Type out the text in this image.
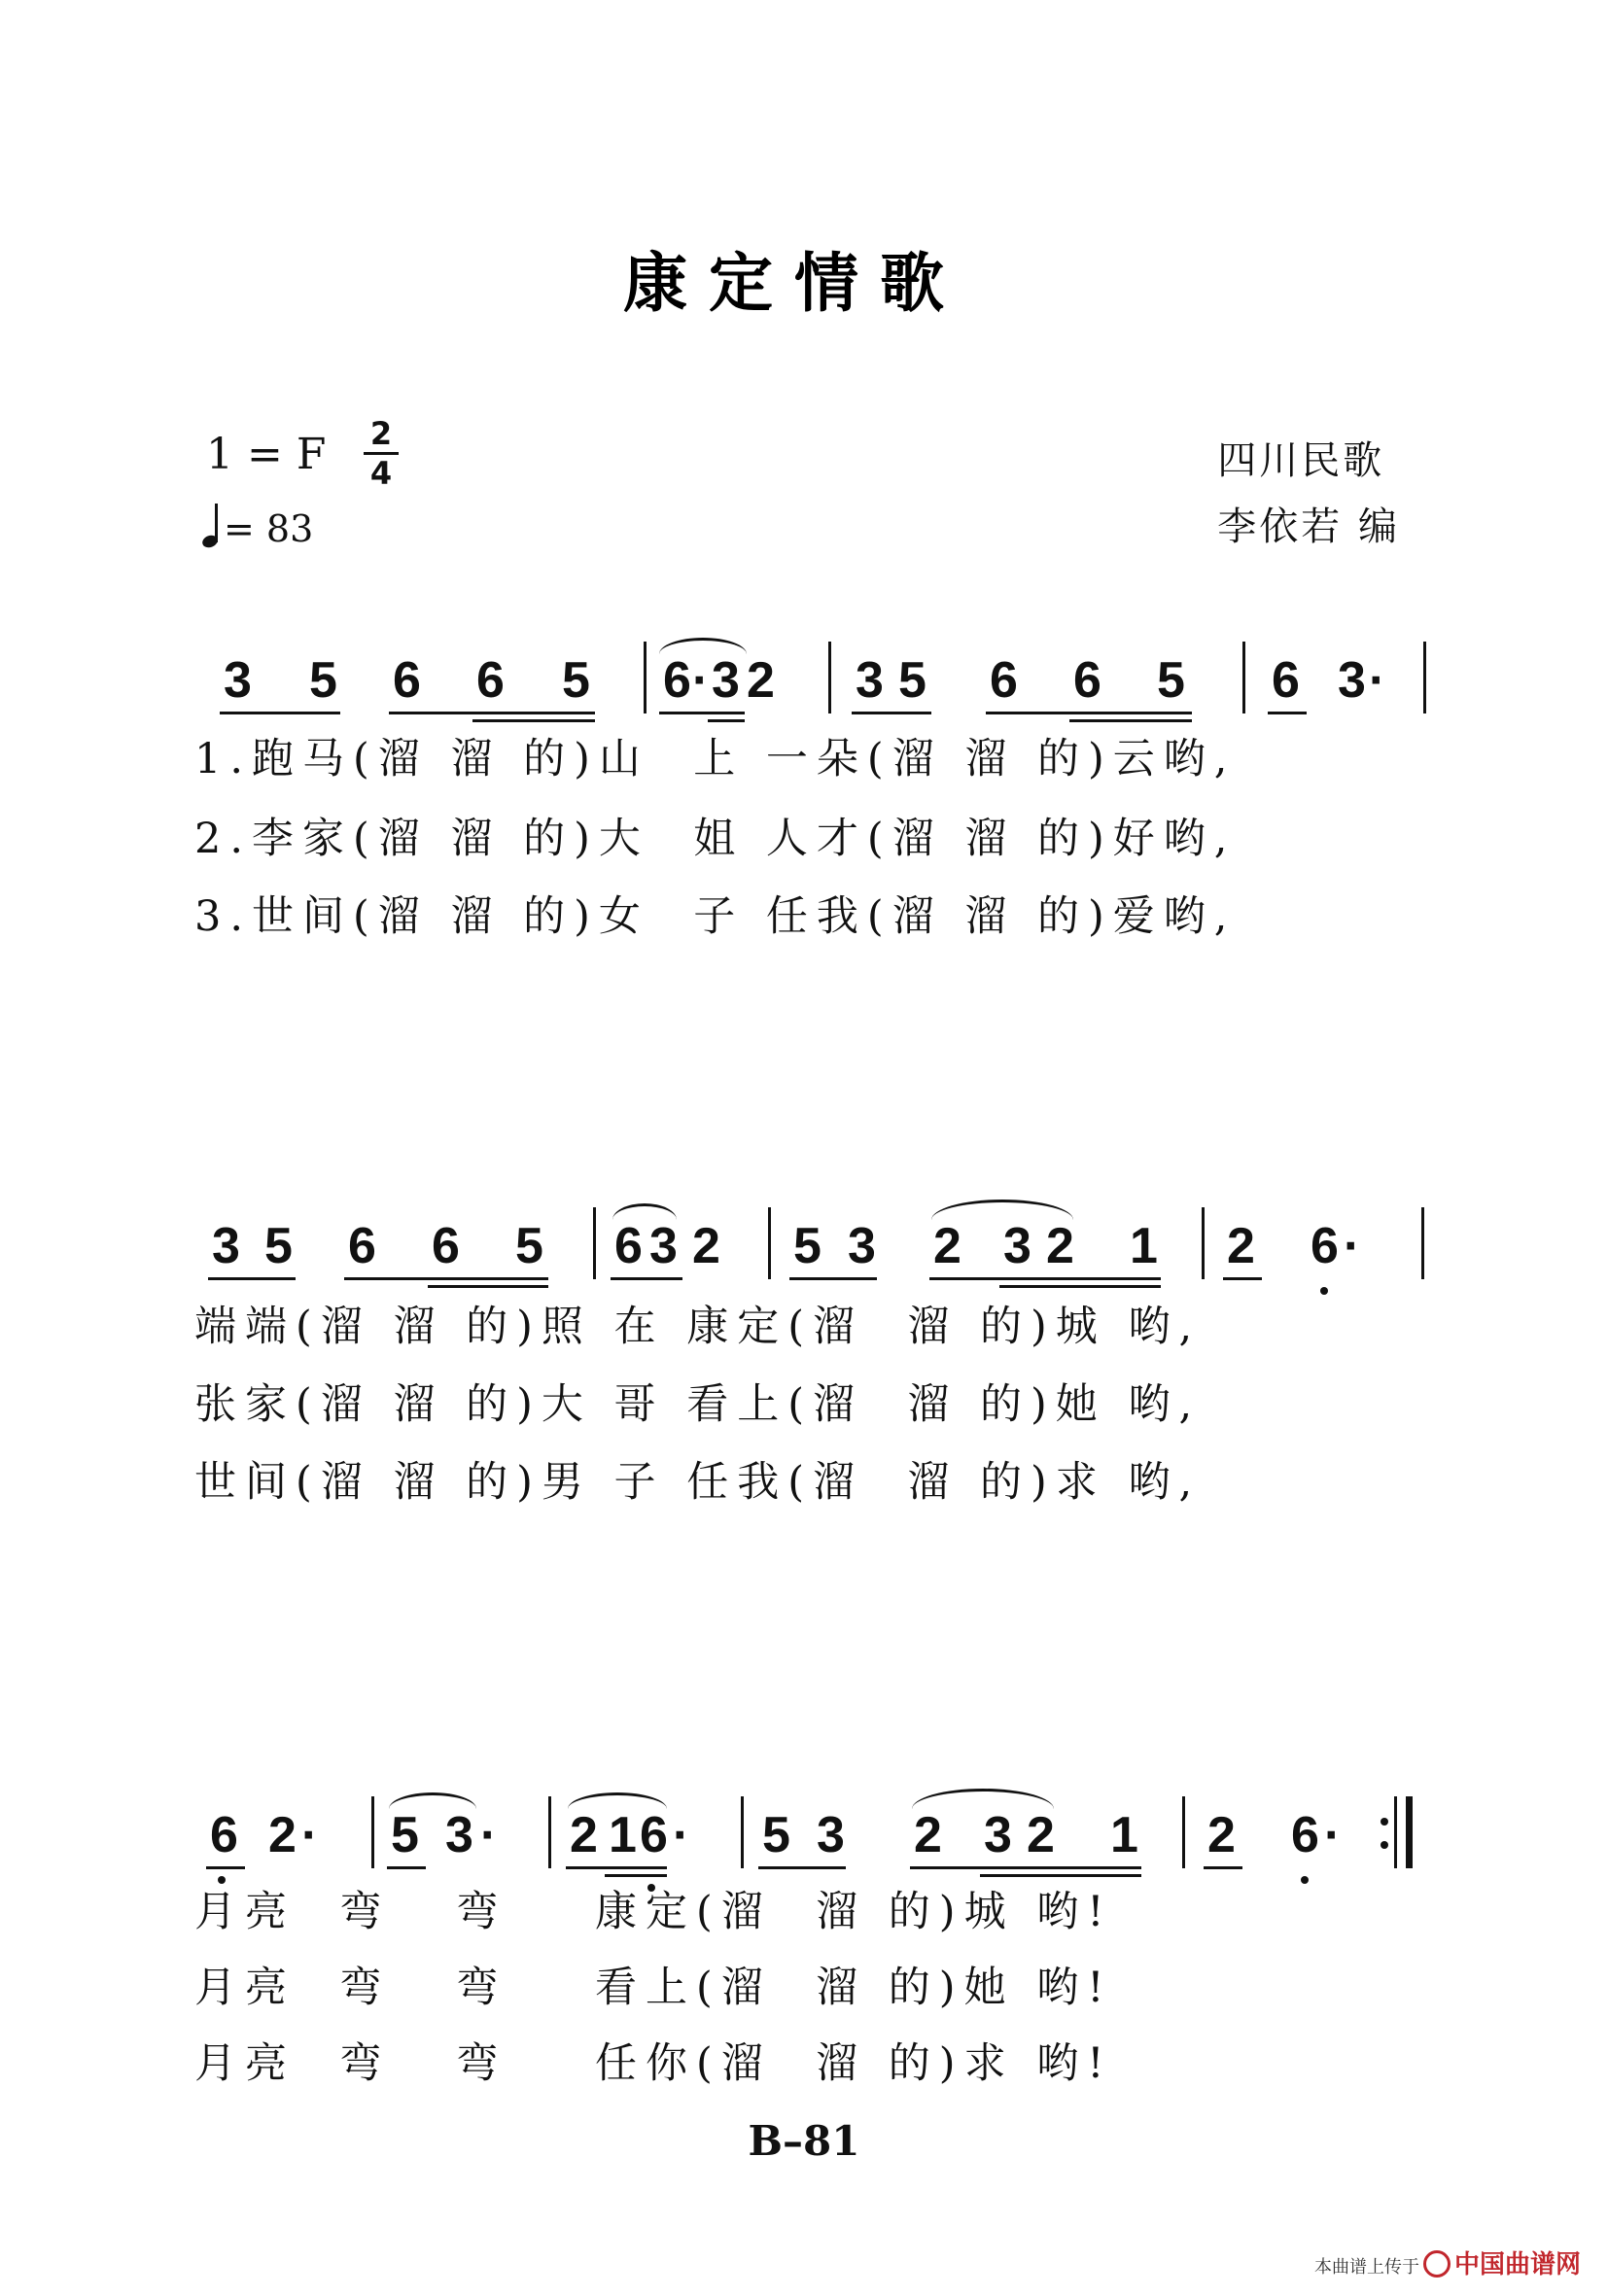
康定情歌
1 = F 2
4
= 83
四川民歌
李依若 编
3 5 6 6 5 6 · 3 2 3 5 6 6 5 6 3 ·
1.跑马(溜 溜 的)山  上 一朵(溜 溜 的)云哟,
2.李家(溜 溜 的)大  姐 人才(溜 溜 的)好哟,
3.世间(溜 溜 的)女  子 任我(溜 溜 的)爱哟,
3 5 6 6 5 6 3 2 5 3 2 3 2 1 2 6 ·
端端(溜 溜 的)照 在 康定(溜  溜 的)城 哟,
张家(溜 溜 的)大 哥 看上(溜  溜 的)她 哟,
世间(溜 溜 的)男 子 任我(溜  溜 的)求 哟,
6 2 · 5 3 · 2 1 6 · 5 3 2 3 2 1 2 6 ·
月亮  弯   弯    康定(溜  溜 的)城 哟!
月亮  弯   弯    看上(溜  溜 的)她 哟!
月亮  弯   弯    任你(溜  溜 的)求 哟!
B–81
本曲谱上传于 中国曲谱网
